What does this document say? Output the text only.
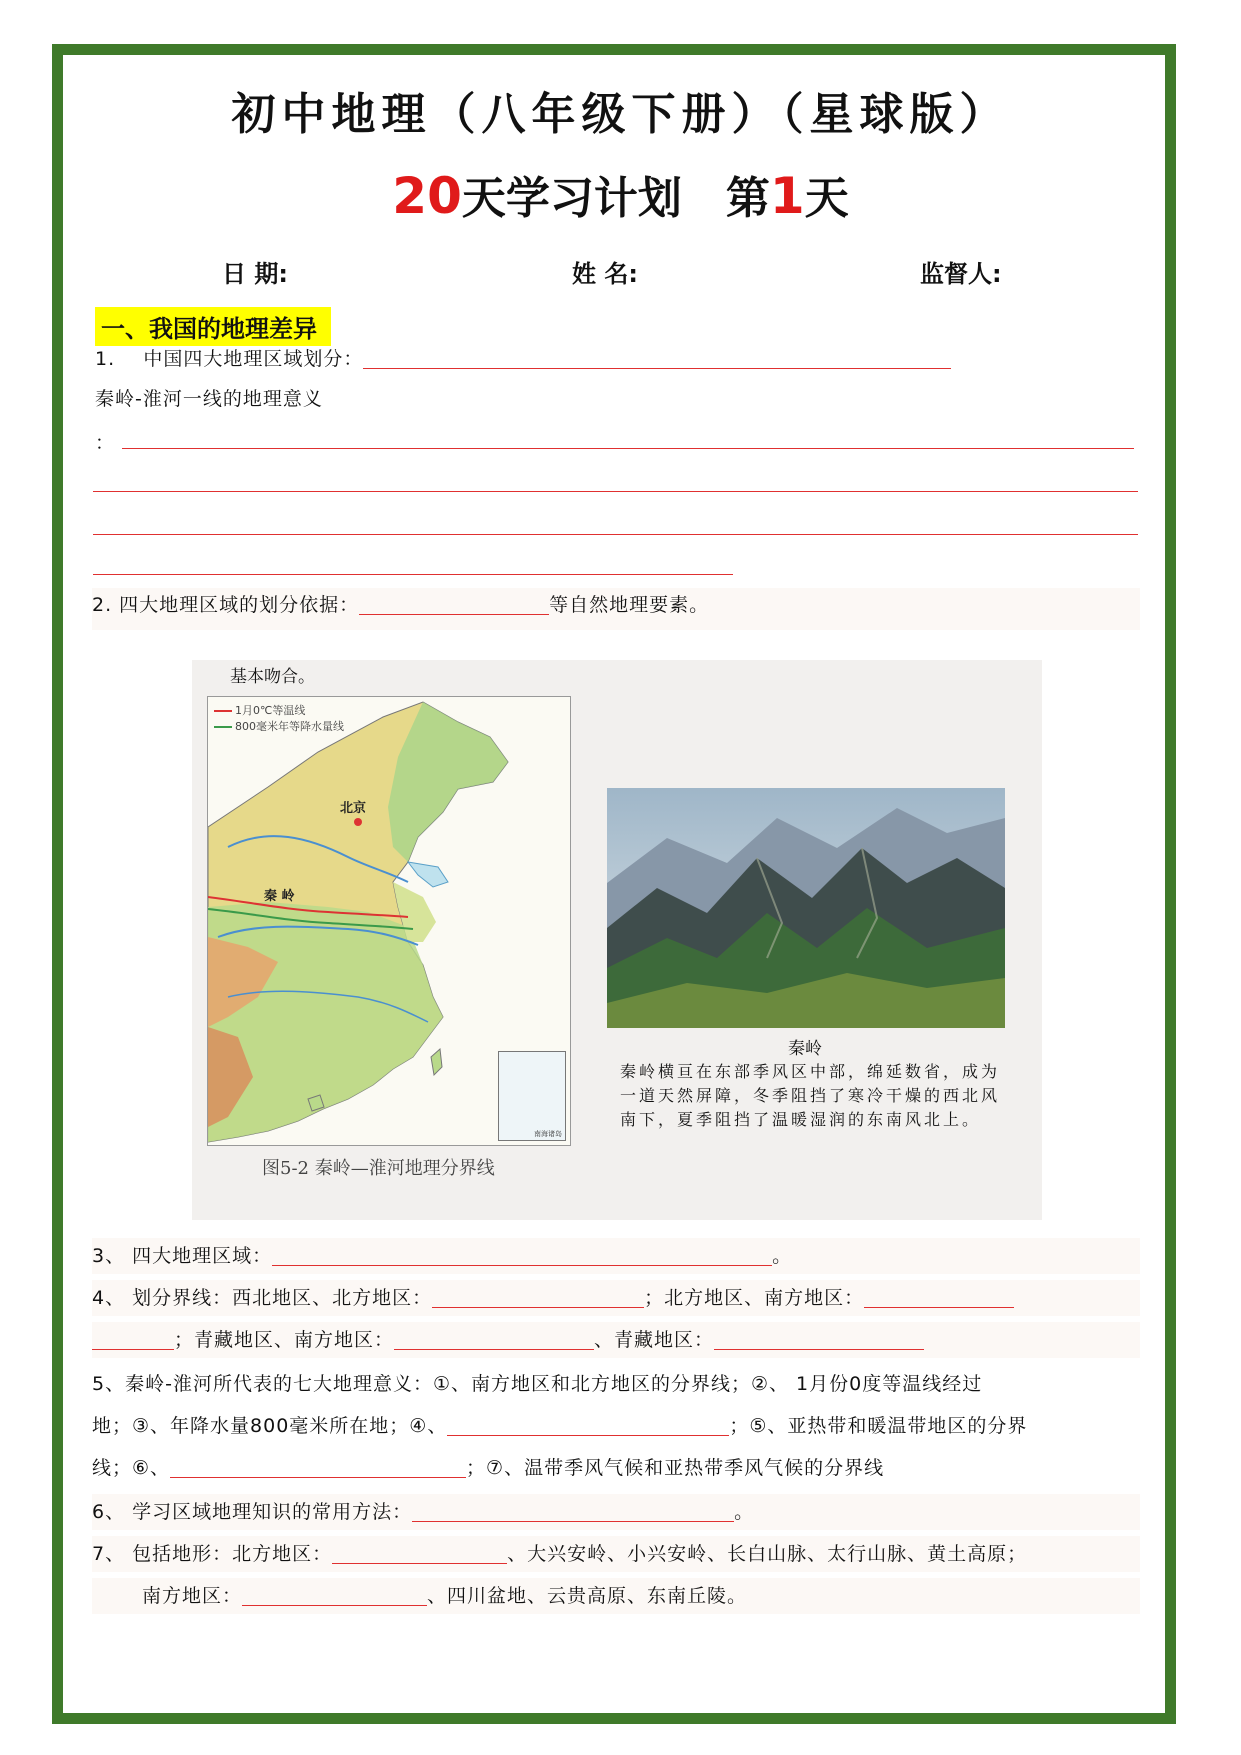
初中地理（八年级下册）（星球版）
20天学习计划 第1天
日 期:	姓 名:	监督人:
一、我国的地理差异
1. 中国四大地理区域划分：
秦岭-淮河一线的地理意义
：
2. 四大地理区域的划分依据：	等自然地理要素。
基本吻合。
1月0℃等温线
800毫米年等降水量线
北京
秦 岭
南海诸岛
图5-2 秦岭—淮河地理分界线
秦岭
秦岭横亘在东部季风区中部，绵延数省，成为一道天然屏障，冬季阻挡了寒冷干燥的西北风南下，夏季阻挡了温暖湿润的东南风北上。
3、 四大地理区域：	。
4、 划分界线：西北地区、北方地区：	；北方地区、南方地区：
；青藏地区、南方地区：	、青藏地区：
5、秦岭-淮河所代表的七大地理意义：①、南方地区和北方地区的分界线；②、 1月份0度等温线经过
地；③、年降水量800毫米所在地；④、	；⑤、亚热带和暖温带地区的分界
线；⑥、	；⑦、温带季风气候和亚热带季风气候的分界线
6、 学习区域地理知识的常用方法：	。
7、 包括地形：北方地区：	、大兴安岭、小兴安岭、长白山脉、太行山脉、黄土高原；
南方地区：	、四川盆地、云贵高原、东南丘陵。
